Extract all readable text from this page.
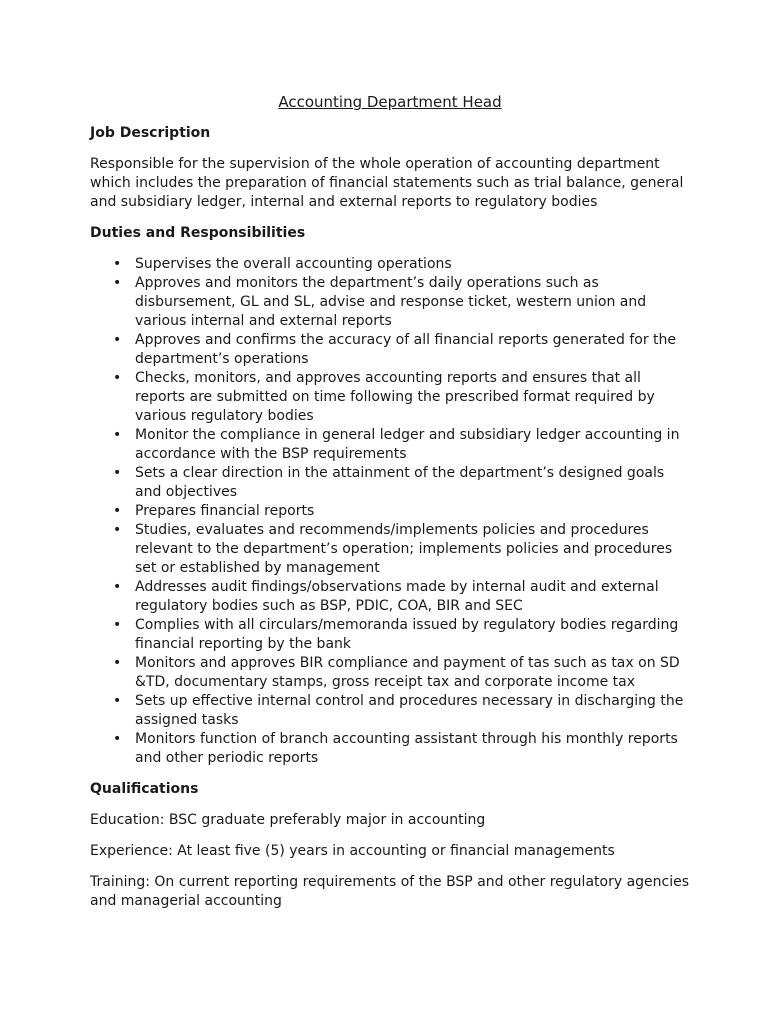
Accounting Department Head
Job Description

Responsible for the supervision of the whole operation of accounting department which includes the preparation of financial statements such as trial balance, general and subsidiary ledger, internal and external reports to regulatory bodies

Duties and Responsibilities
• Supervises the overall accounting operations
• Approves and monitors the department’s daily operations such as disbursement, GL and SL, advise and response ticket, western union and various internal and external reports
• Approves and confirms the accuracy of all financial reports generated for the department’s operations
• Checks, monitors, and approves accounting reports and ensures that all reports are submitted on time following the prescribed format required by various regulatory bodies
• Monitor the compliance in general ledger and subsidiary ledger accounting in accordance with the BSP requirements
• Sets a clear direction in the attainment of the department’s designed goals and objectives
• Prepares financial reports
• Studies, evaluates and recommends/implements policies and procedures relevant to the department’s operation; implements policies and procedures set or established by management
• Addresses audit findings/observations made by internal audit and external regulatory bodies such as BSP, PDIC, COA, BIR and SEC
• Complies with all circulars/memoranda issued by regulatory bodies regarding financial reporting by the bank
• Monitors and approves BIR compliance and payment of tas such as tax on SD &TD, documentary stamps, gross receipt tax and corporate income tax
• Sets up effective internal control and procedures necessary in discharging the assigned tasks
• Monitors function of branch accounting assistant through his monthly reports and other periodic reports
Qualifications

Education: BSC graduate preferably major in accounting

Experience: At least five (5) years in accounting or financial managements

Training: On current reporting requirements of the BSP and other regulatory agencies and managerial accounting
